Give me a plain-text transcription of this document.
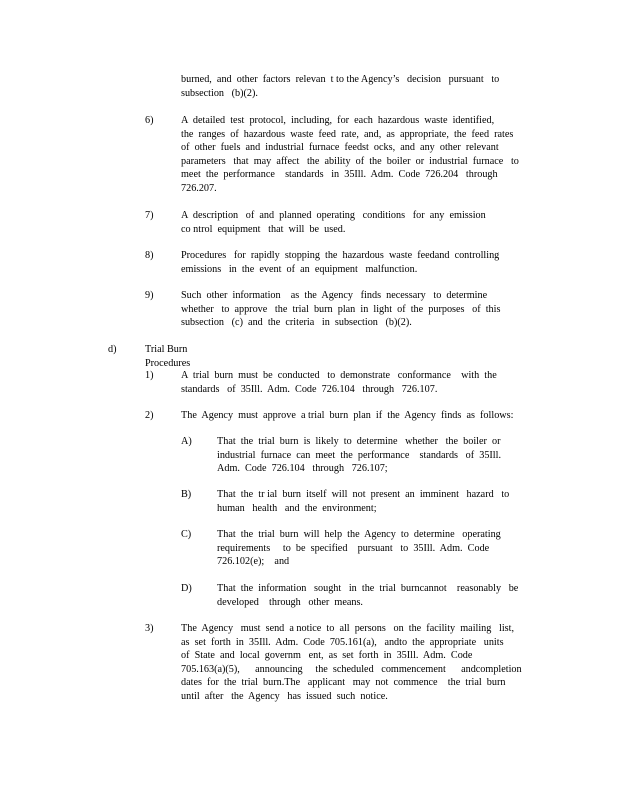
burned,  and  other  factors  relevan  t to the Agency’s   decision   pursuant   to
subsection   (b)(2).
6)	A  detailed  test  protocol,  including,  for  each  hazardous  waste  identified,
the  ranges  of  hazardous  waste  feed  rate,  and,  as  appropriate,  the  feed  rates
of  other  fuels  and  industrial  furnace  feedst  ocks,  and  any  other  relevant
parameters   that  may  affect   the  ability  of  the  boiler  or  industrial  furnace   to
meet  the  performance    standards   in  35Ill.  Adm.  Code  726.204   through
726.207.
7)	A  description   of  and  planned  operating   conditions   for  any  emission
co ntrol  equipment   that  will  be  used.
8)	Procedures   for  rapidly  stopping  the  hazardous  waste  feedand  controlling
emissions   in  the  event  of  an  equipment   malfunction.
9)	Such  other  information    as  the  Agency   finds  necessary   to  determine
whether   to  approve   the  trial  burn  plan  in  light  of  the  purposes   of  this
subsection   (c)  and  the  criteria   in  subsection   (b)(2).
d)	Trial Burn Procedures
1)	A  trial  burn  must  be  conducted   to  demonstrate   conformance    with  the
standards   of  35Ill.  Adm.  Code  726.104   through   726.107.
2)	The  Agency  must  approve  a trial  burn  plan  if  the  Agency  finds  as  follows:
A) That  the  trial  burn  is  likely  to  determine   whether   the  boiler  or
industrial  furnace  can  meet  the  performance    standards   of  35Ill.
Adm.  Code  726.104   through   726.107;
B)	That  the  tr ial  burn  itself  will  not  present  an  imminent   hazard   to
human   health   and  the  environment;
C)	That  the  trial  burn  will  help  the  Agency  to  determine   operating
requirements     to  be  specified    pursuant   to  35Ill.  Adm.  Code
726.102(e);    and
D) That  the  information   sought   in  the  trial  burncannot    reasonably   be
developed    through   other  means.
3)	The  Agency   must  send  a notice  to  all  persons   on  the  facility  mailing   list,
as  set  forth  in  35Ill.  Adm.  Code  705.161(a),   andto  the  appropriate   units
of  State  and  local  governm   ent,  as  set  forth  in  35Ill.  Adm.  Code
705.163(a)(5),      announcing     the  scheduled   commencement      andcompletion
dates  for  the  trial  burn.The   applicant   may  not  commence    the  trial  burn
until  after   the  Agency   has  issued  such  notice.
